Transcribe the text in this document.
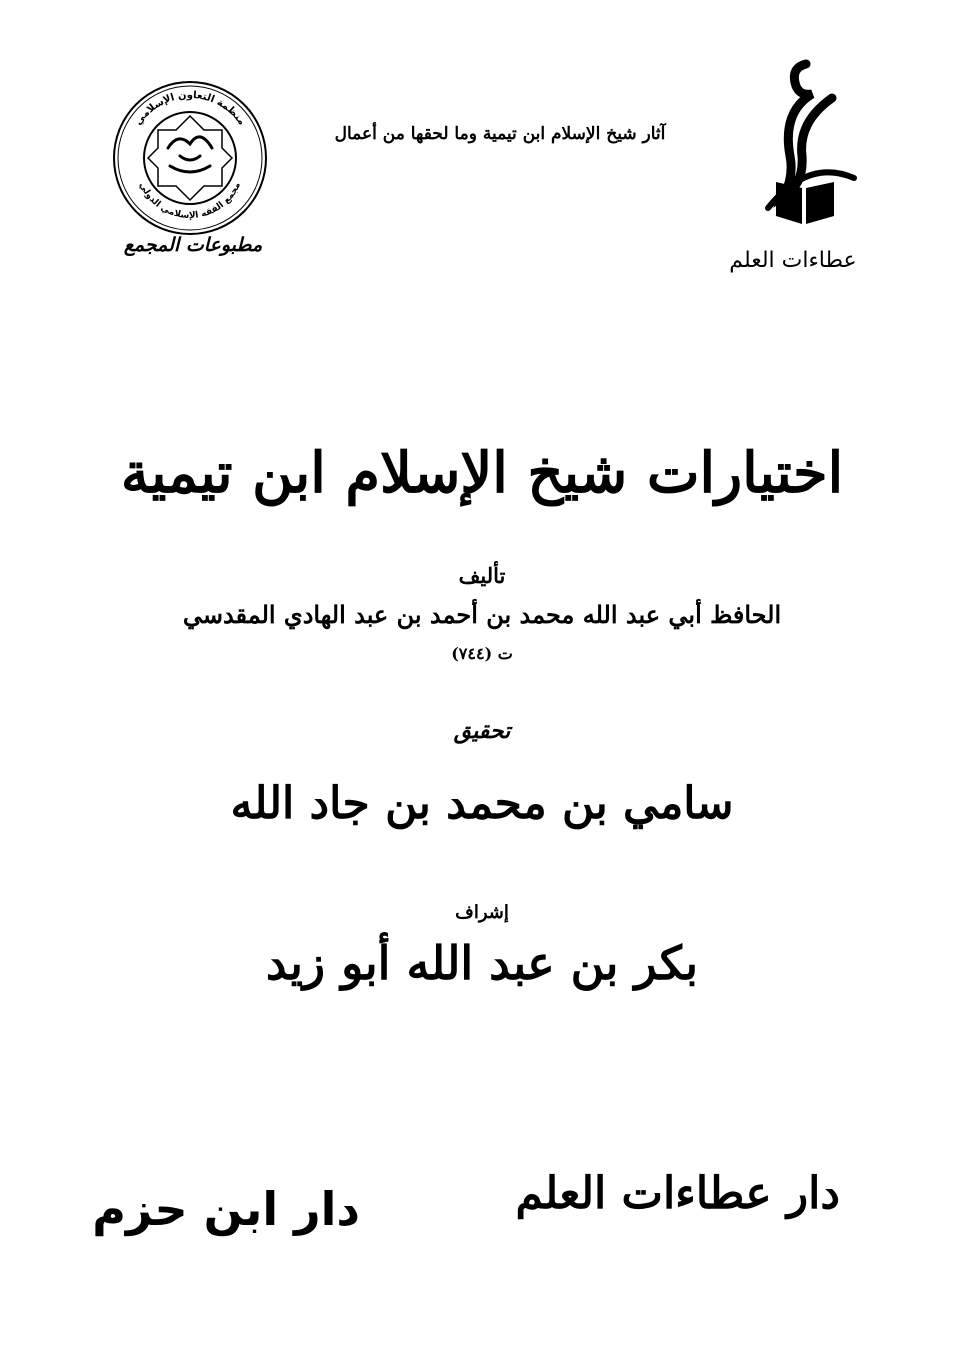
منظمة التعاون الإسلامي
مجمع الفقه الإسلامي الدولي
مطبوعات المجمع
آثار شيخ الإسلام ابن تيمية وما لحقها من أعمال
عطاءات العلم
اختيارات شيخ الإسلام ابن تيمية
تأليف
الحافظ أبي عبد الله محمد بن أحمد بن عبد الهادي المقدسي
ت (٧٤٤)
تحقيق
سامي بن محمد بن جاد الله
إشراف
بكر بن عبد الله أبو زيد
دار ابن حزم	دار عطاءات العلم
